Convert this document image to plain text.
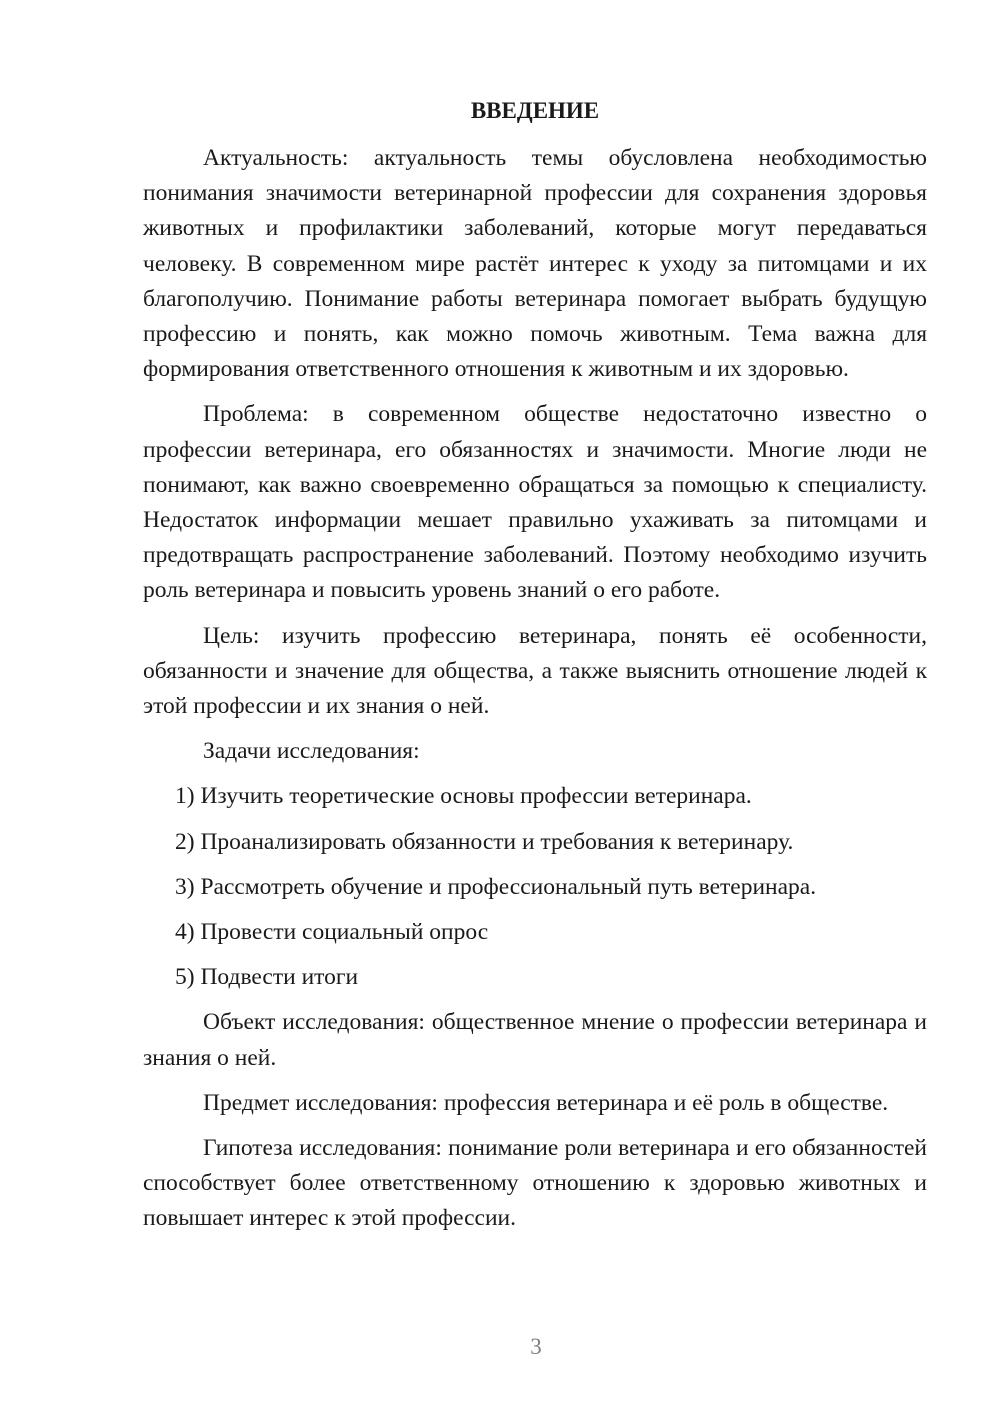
ВВЕДЕНИЕ

Актуальность: актуальность темы обусловлена необходимостью понимания значимости ветеринарной профессии для сохранения здоровья животных и профилактики заболеваний, которые могут передаваться человеку. В современном мире растёт интерес к уходу за питомцами и их благополучию. Понимание работы ветеринара помогает выбрать будущую профессию и понять, как можно помочь животным. Тема важна для формирования ответственного отношения к животным и их здоровью.

Проблема: в современном обществе недостаточно известно о профессии ветеринара, его обязанностях и значимости. Многие люди не понимают, как важно своевременно обращаться за помощью к специалисту. Недостаток информации мешает правильно ухаживать за питомцами и предотвращать распространение заболеваний. Поэтому необходимо изучить роль ветеринара и повысить уровень знаний о его работе.

Цель: изучить профессию ветеринара, понять её особенности, обязанности и значение для общества, а также выяснить отношение людей к этой профессии и их знания о ней.

Задачи исследования:

1) Изучить теоретические основы профессии ветеринара.
2) Проанализировать обязанности и требования к ветеринару.
3) Рассмотреть обучение и профессиональный путь ветеринара.
4) Провести социальный опрос
5) Подвести итоги

Объект исследования: общественное мнение о профессии ветеринара и знания о ней.

Предмет исследования: профессия ветеринара и её роль в обществе.

Гипотеза исследования: понимание роли ветеринара и его обязанностей способствует более ответственному отношению к здоровью животных и повышает интерес к этой профессии.

3
